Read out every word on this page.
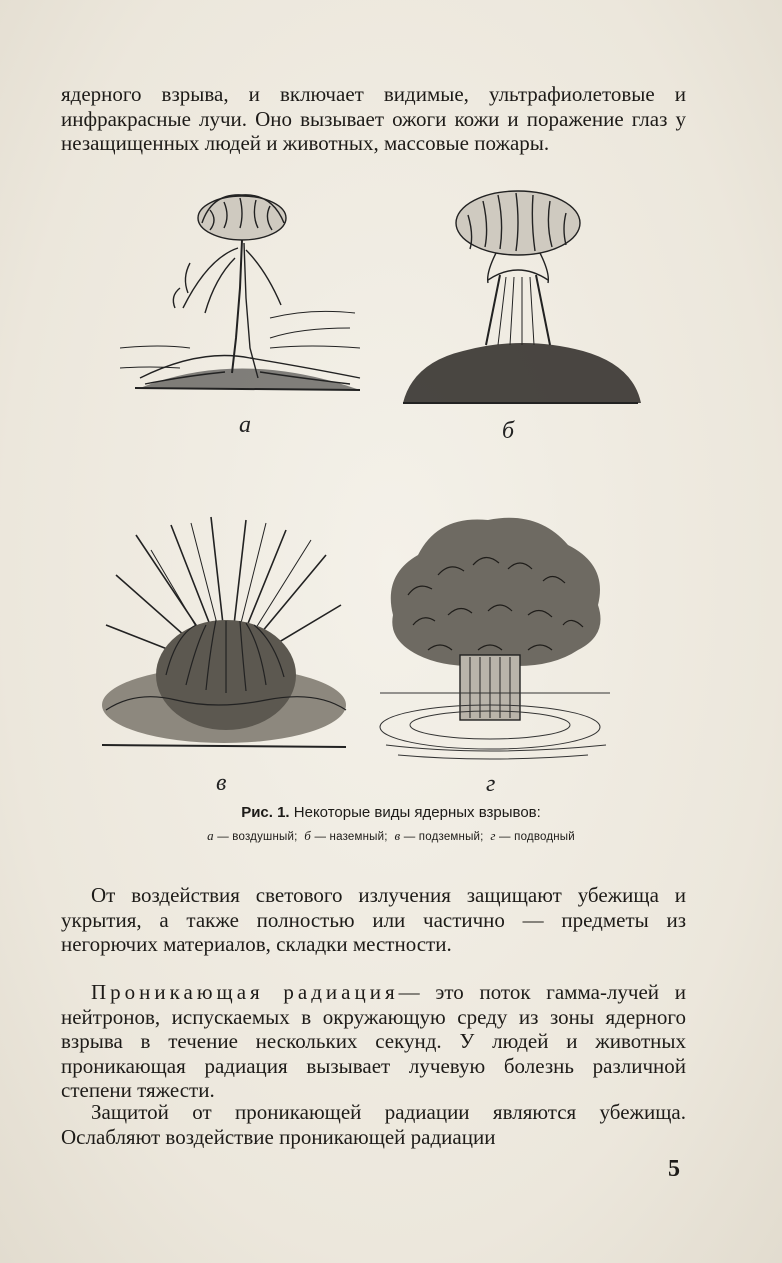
ядерного взрыва, и включает видимые, ультрафиолетовые и инфракрасные лучи. Оно вызывает ожоги кожи и поражение глаз у незащищенных людей и животных, массовые пожары.

а	б
в	г
Рис. 1. Некоторые виды ядерных взрывов:
а — воздушный; б — наземный; в — подземный; г — подводный

От воздействия светового излучения защищают убежища и укрытия, а также полностью или частично — предметы из негорючих материалов, складки местности.

Проникающая радиация— это поток гамма-лучей и нейтронов, испускаемых в окружающую среду из зоны ядерного взрыва в течение нескольких секунд. У людей и животных проникающая радиация вызывает лучевую болезнь различной степени тяжести.

Защитой от проникающей радиации являются убежища. Ослабляют воздействие проникающей радиации

5
